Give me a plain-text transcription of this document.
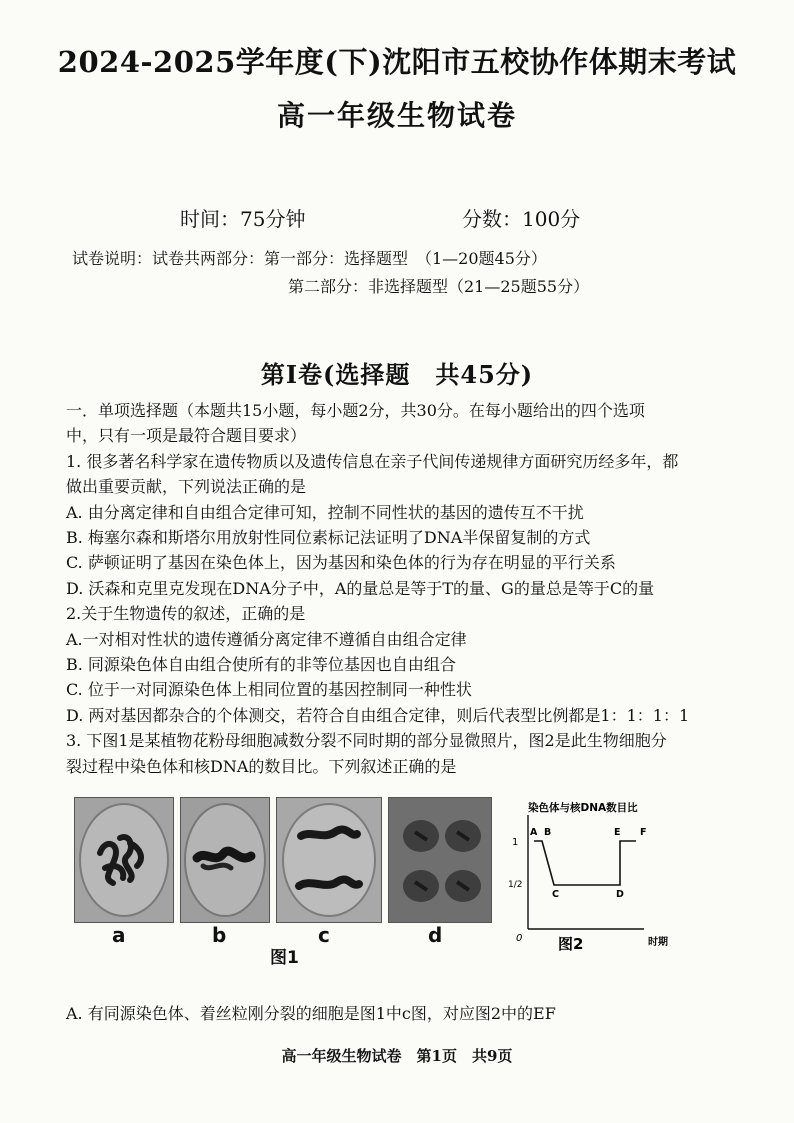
2024-2025学年度(下)沈阳市五校协作体期末考试
高一年级生物试卷
时间：75分钟	分数：100分
试卷说明：试卷共两部分：第一部分：选择题型　（1—20题45分）
第二部分：非选择题型（21—25题55分）
第Ⅰ卷(选择题　共45分)

一．单项选择题（本题共15小题，每小题2分，共30分。在每小题给出的四个选项

中，只有一项是最符合题目要求）

1. 很多著名科学家在遗传物质以及遗传信息在亲子代间传递规律方面研究历经多年，都

做出重要贡献，下列说法正确的是

A. 由分离定律和自由组合定律可知，控制不同性状的基因的遗传互不干扰

B. 梅塞尔森和斯塔尔用放射性同位素标记法证明了DNA半保留复制的方式

C. 萨顿证明了基因在染色体上，因为基因和染色体的行为存在明显的平行关系

D. 沃森和克里克发现在DNA分子中，A的量总是等于T的量、G的量总是等于C的量

2.关于生物遗传的叙述，正确的是

A.一对相对性状的遗传遵循分离定律不遵循自由组合定律

B. 同源染色体自由组合使所有的非等位基因也自由组合

C. 位于一对同源染色体上相同位置的基因控制同一种性状

D. 两对基因都杂合的个体测交，若符合自由组合定律，则后代表型比例都是1：1：1：1

3. 下图1是某植物花粉母细胞减数分裂不同时期的部分显微照片，图2是此生物细胞分

裂过程中染色体和核DNA的数目比。下列叙述正确的是

a	b	c	d
图1
染色体与核DNA数目比
1
1/2
0	时期
图2
A B
C	D
E F
A. 有同源染色体、着丝粒刚分裂的细胞是图1中c图，对应图2中的EF
高一年级生物试卷　第1页　共9页
